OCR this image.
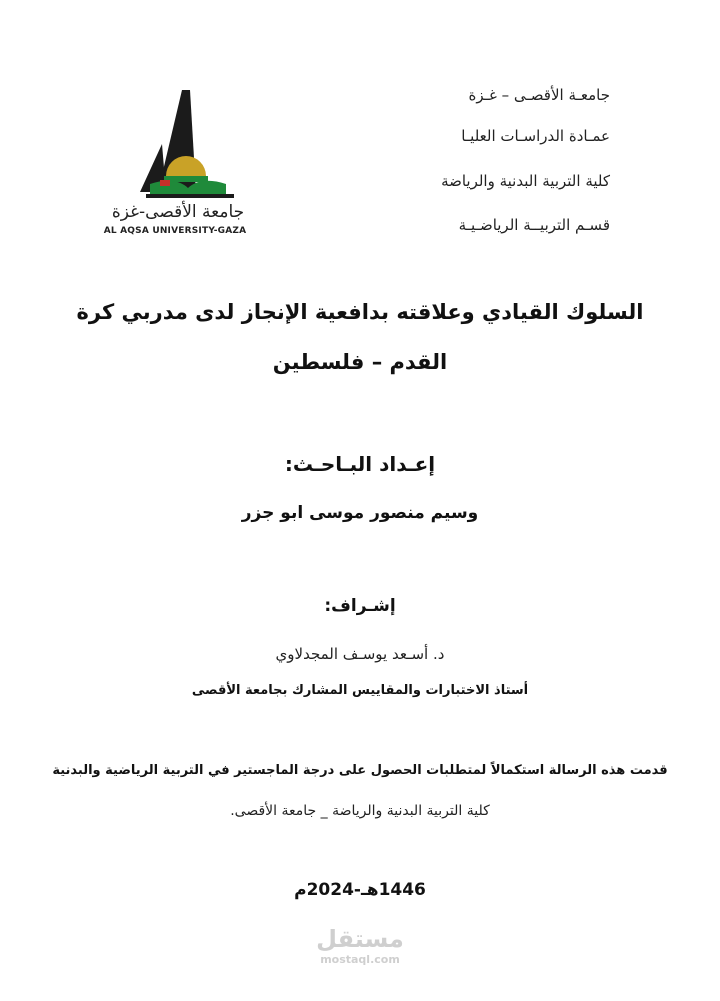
جامعـة الأقصـى – غـزة
عمـادة الدراسـات العليـا
كلية التربية البدنية والرياضة
قسـم التربيــة الرياضـيـة
جامعة الأقصى-غزة
AL AQSA UNIVERSITY-GAZA
السلوك القيادي وعلاقته بدافعية الإنجاز لدى مدربي كرة
القدم – فلسطين
إعـداد البـاحـث:
وسيم منصور موسى ابو جزر
إشـراف:
د. أسـعد يوسـف المجدلاوي
أستاذ الاختبارات والمقاييس المشارك بجامعة الأقصى
قدمت هذه الرسالة استكمالاً لمتطلبات الحصول على درجة الماجستير في التربية الرياضية والبدنية
كلية التربية البدنية والرياضة _ جامعة الأقصى.
1446هـ-2024م
مستقل
mostaql.com
